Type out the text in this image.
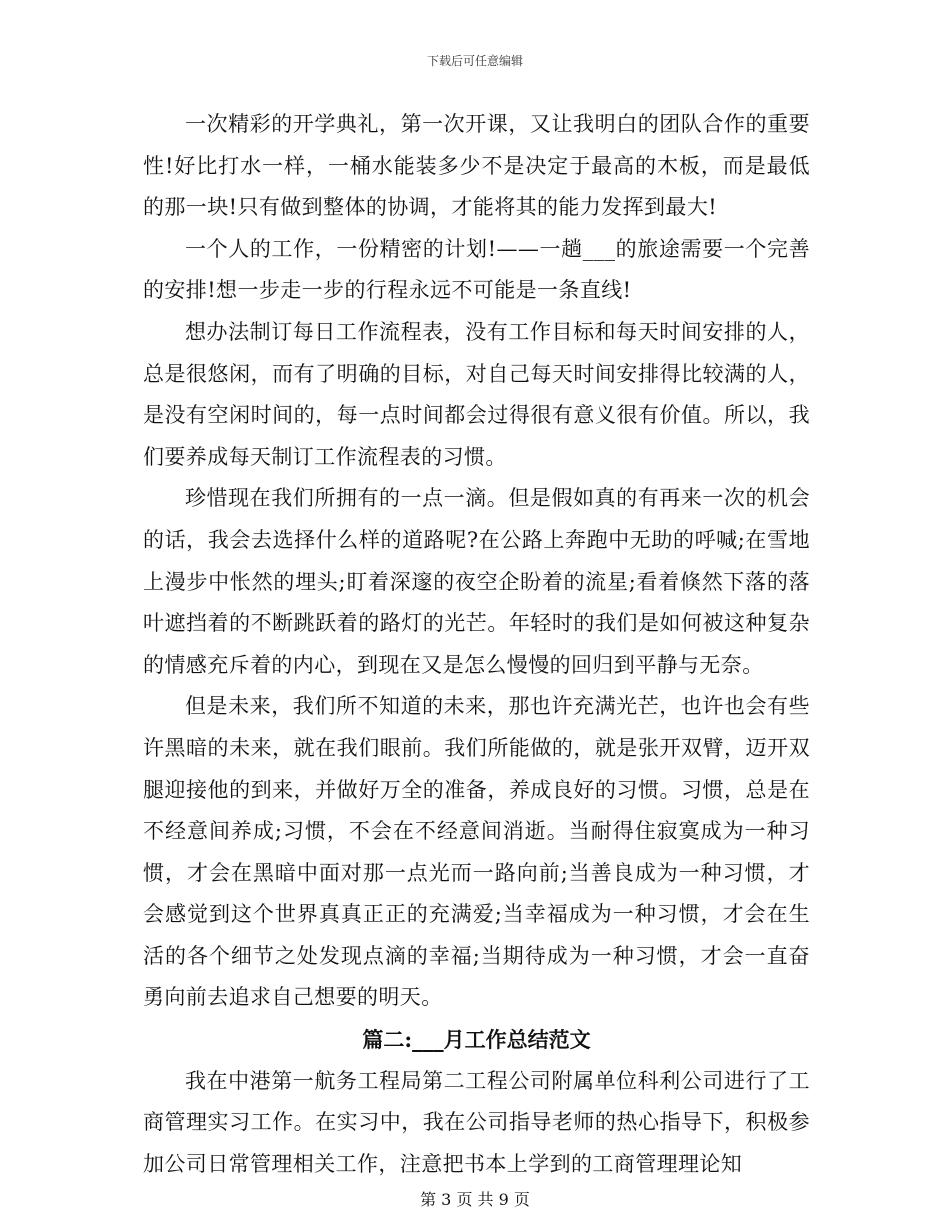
下载后可任意编辑

一次精彩的开学典礼，第一次开课，又让我明白的团队合作的重要性!好比打水一样，一桶水能装多少不是决定于最高的木板，而是最低的那一块!只有做到整体的协调，才能将其的能力发挥到最大!

一个人的工作，一份精密的计划!——一趟___的旅途需要一个完善的安排!想一步走一步的行程永远不可能是一条直线!

想办法制订每日工作流程表，没有工作目标和每天时间安排的人，总是很悠闲，而有了明确的目标，对自己每天时间安排得比较满的人，是没有空闲时间的，每一点时间都会过得很有意义很有价值。所以，我们要养成每天制订工作流程表的习惯。

珍惜现在我们所拥有的一点一滴。但是假如真的有再来一次的机会的话，我会去选择什么样的道路呢?在公路上奔跑中无助的呼喊;在雪地上漫步中怅然的埋头;盯着深邃的夜空企盼着的流星;看着倏然下落的落叶遮挡着的不断跳跃着的路灯的光芒。年轻时的我们是如何被这种复杂的情感充斥着的内心，到现在又是怎么慢慢的回归到平静与无奈。

但是未来，我们所不知道的未来，那也许充满光芒，也许也会有些许黑暗的未来，就在我们眼前。我们所能做的，就是张开双臂，迈开双腿迎接他的到来，并做好万全的准备，养成良好的习惯。习惯，总是在不经意间养成;习惯，不会在不经意间消逝。当耐得住寂寞成为一种习惯，才会在黑暗中面对那一点光而一路向前;当善良成为一种习惯，才会感觉到这个世界真真正正的充满爱;当幸福成为一种习惯，才会在生活的各个细节之处发现点滴的幸福;当期待成为一种习惯，才会一直奋勇向前去追求自己想要的明天。

篇二:___月工作总结范文

我在中港第一航务工程局第二工程公司附属单位科利公司进行了工商管理实习工作。在实习中，我在公司指导老师的热心指导下，积极参加公司日常管理相关工作，注意把书本上学到的工商管理理论知

第 3 页 共 9 页
